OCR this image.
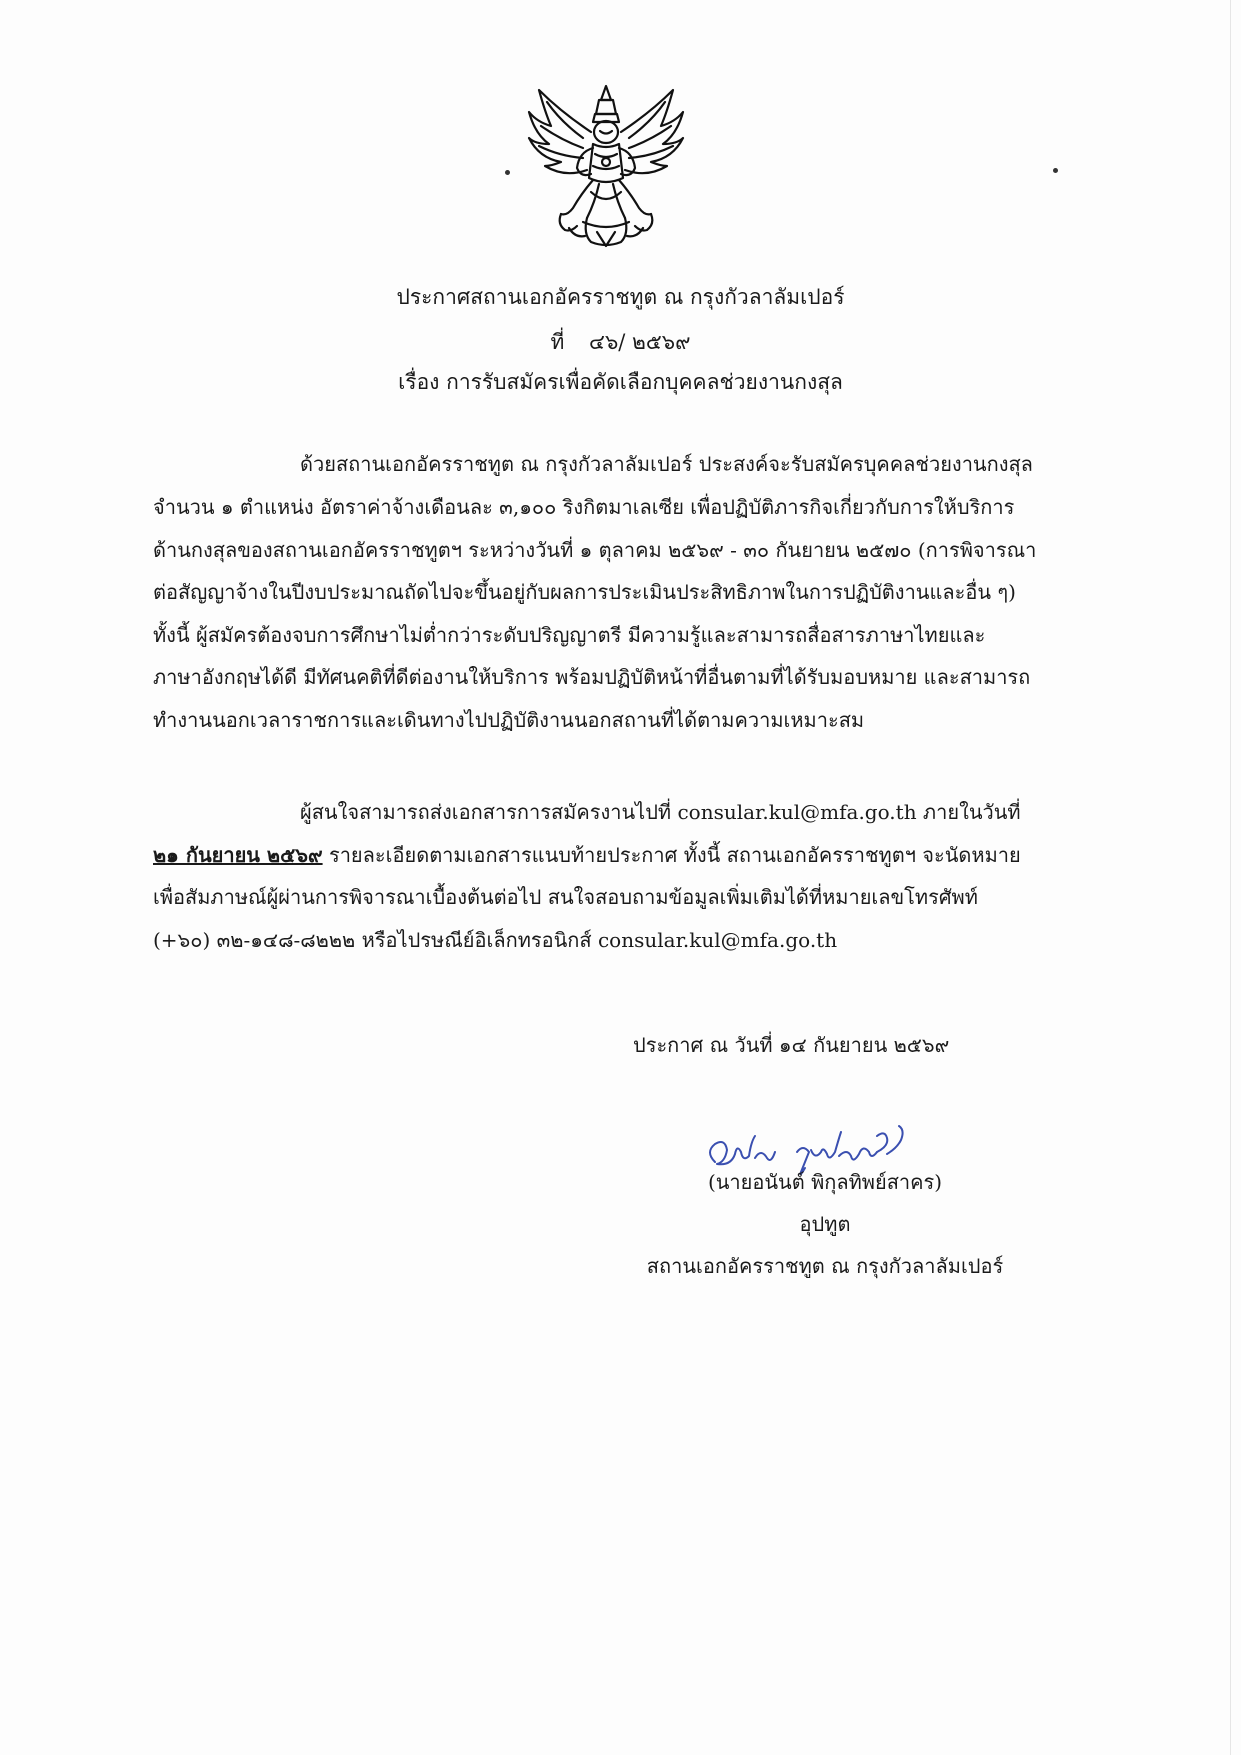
ประกาศสถานเอกอัครราชทูต ณ กรุงกัวลาลัมเปอร์
ที่ ๔๖/ ๒๕๖๙
เรื่อง การรับสมัครเพื่อคัดเลือกบุคคลช่วยงานกงสุล
ด้วยสถานเอกอัครราชทูต ณ กรุงกัวลาลัมเปอร์ ประสงค์จะรับสมัครบุคคลช่วยงานกงสุล
จำนวน ๑ ตำแหน่ง อัตราค่าจ้างเดือนละ ๓,๑๐๐ ริงกิตมาเลเซีย เพื่อปฏิบัติภารกิจเกี่ยวกับการให้บริการ
ด้านกงสุลของสถานเอกอัครราชทูตฯ ระหว่างวันที่ ๑ ตุลาคม ๒๕๖๙ - ๓๐ กันยายน ๒๕๗๐ (การพิจารณา
ต่อสัญญาจ้างในปีงบประมาณถัดไปจะขึ้นอยู่กับผลการประเมินประสิทธิภาพในการปฏิบัติงานและอื่น ๆ)
ทั้งนี้ ผู้สมัครต้องจบการศึกษาไม่ต่ำกว่าระดับปริญญาตรี มีความรู้และสามารถสื่อสารภาษาไทยและ
ภาษาอังกฤษได้ดี มีทัศนคติที่ดีต่องานให้บริการ พร้อมปฏิบัติหน้าที่อื่นตามที่ได้รับมอบหมาย และสามารถ
ทำงานนอกเวลาราชการและเดินทางไปปฏิบัติงานนอกสถานที่ได้ตามความเหมาะสม
ผู้สนใจสามารถส่งเอกสารการสมัครงานไปที่ consular.kul@mfa.go.th ภายในวันที่
๒๑ กันยายน ๒๕๖๙ รายละเอียดตามเอกสารแนบท้ายประกาศ ทั้งนี้ สถานเอกอัครราชทูตฯ จะนัดหมาย
เพื่อสัมภาษณ์ผู้ผ่านการพิจารณาเบื้องต้นต่อไป สนใจสอบถามข้อมูลเพิ่มเติมได้ที่หมายเลขโทรศัพท์
(+๖๐) ๓๒-๑๔๘-๘๒๒๒ หรือไปรษณีย์อิเล็กทรอนิกส์ consular.kul@mfa.go.th
ประกาศ ณ วันที่ ๑๔ กันยายน ๒๕๖๙
(นายอนันต์ พิกุลทิพย์สาคร)
อุปทูต
สถานเอกอัครราชทูต ณ กรุงกัวลาลัมเปอร์
